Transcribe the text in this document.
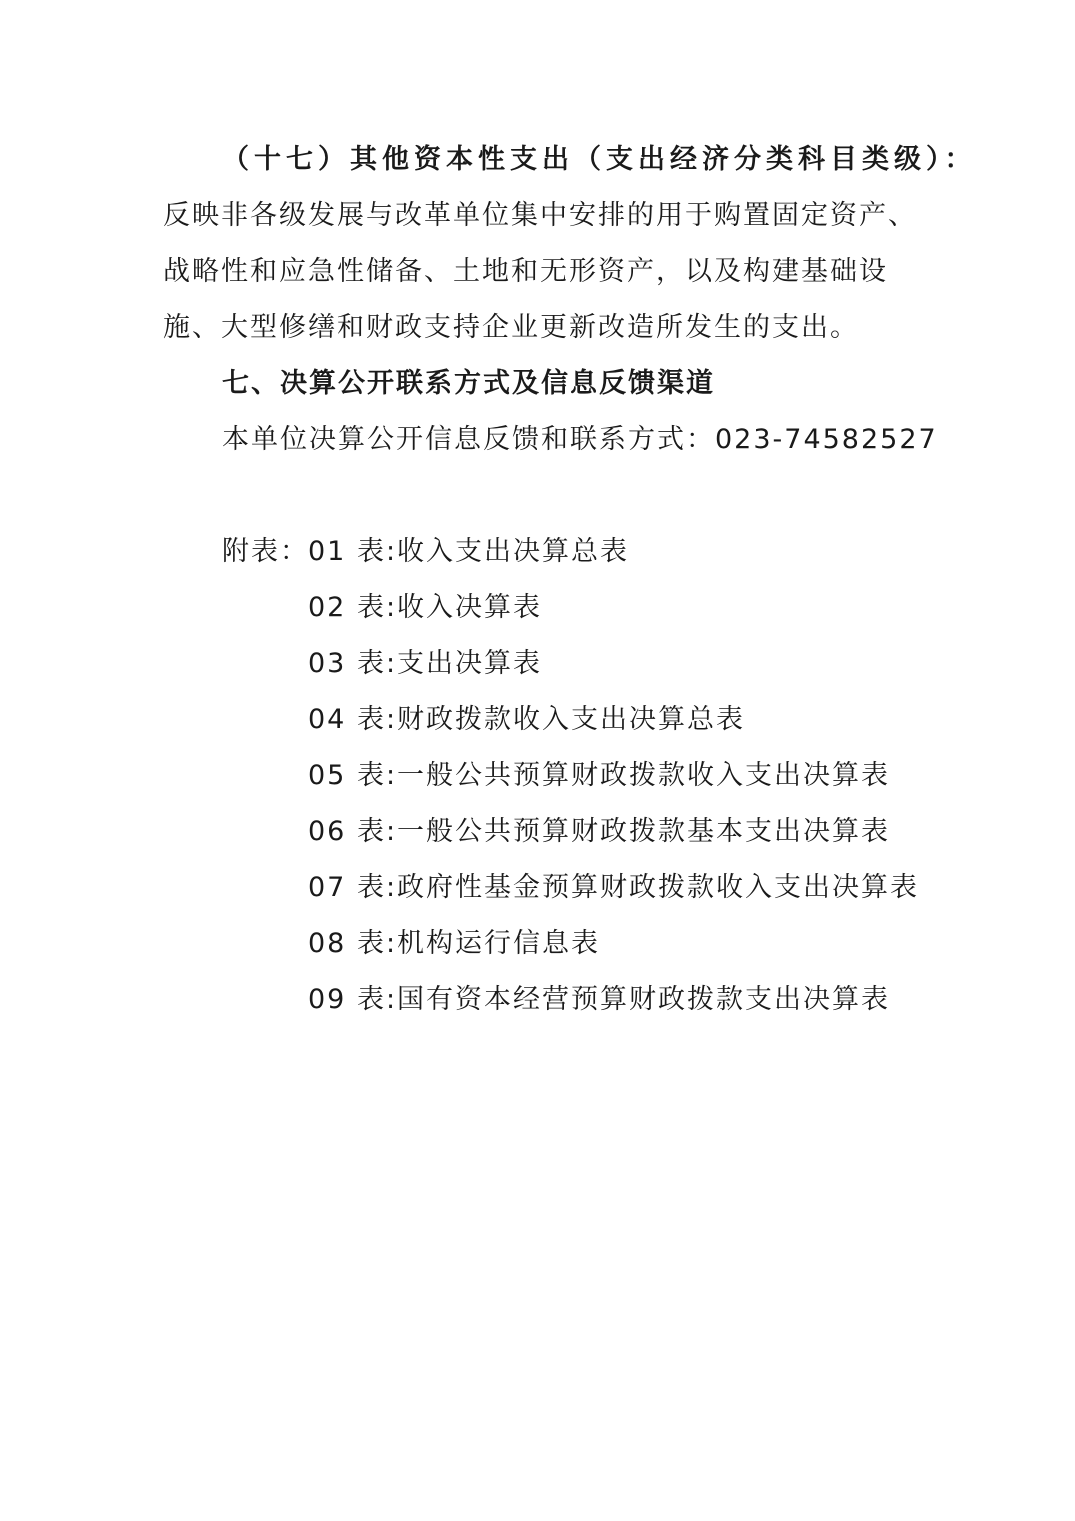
（十七）其他资本性支出（支出经济分类科目类级）：
反映非各级发展与改革单位集中安排的用于购置固定资产、
战略性和应急性储备、土地和无形资产，以及构建基础设
施、大型修缮和财政支持企业更新改造所发生的支出。
七、决算公开联系方式及信息反馈渠道
本单位决算公开信息反馈和联系方式：023-74582527
附表：01 表:收入支出决算总表
02 表:收入决算表
03 表:支出决算表
04 表:财政拨款收入支出决算总表
05 表:一般公共预算财政拨款收入支出决算表
06 表:一般公共预算财政拨款基本支出决算表
07 表:政府性基金预算财政拨款收入支出决算表
08 表:机构运行信息表
09 表:国有资本经营预算财政拨款支出决算表
